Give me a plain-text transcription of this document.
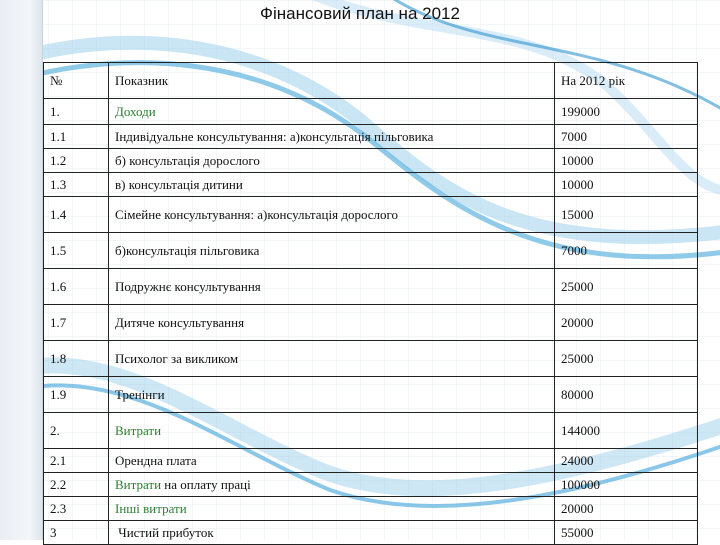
Фінансовий план на 2012
№	Показник	На 2012 рік
1.	Доходи	199000
1.1	Індивідуальне консультування: а)консультація пільговика	7000
1.2	б) консультація дорослого	10000
1.3	в) консультація дитини	10000
1.4	Сімейне консультування: а)консультація дорослого	15000
1.5	б)консультація пільговика	7000
1.6	Подружнє консультування	25000
1.7	Дитяче консультування	20000
1.8	Психолог за викликом	25000
1.9	Тренінги	80000
2.	Витрати	144000
2.1	Орендна плата	24000
2.2	Витрати на оплату праці	100000
2.3	Інші витрати	20000
3	Чистий прибуток	55000
